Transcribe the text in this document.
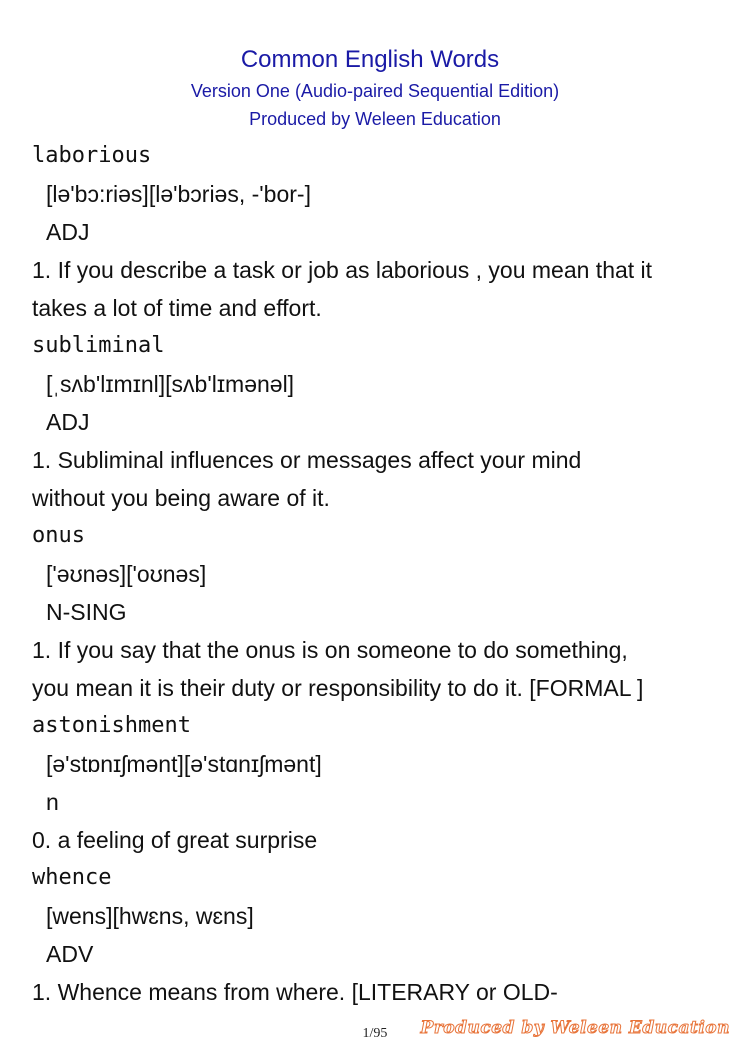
Common English Words
Version One (Audio-paired Sequential Edition)
Produced by Weleen Education
laborious
[lə'bɔ:riəs][lə'bɔriəs, -'bor-]
ADJ
1. If you describe a task or job as laborious , you mean that it
takes a lot of time and effort.
subliminal
[ˌsʌb'lɪmɪnl][sʌb'lɪmənəl]
ADJ
1. Subliminal influences or messages affect your mind
without you being aware of it.
onus
['əʊnəs]['oʊnəs]
N-SING
1. If you say that the onus is on someone to do something,
you mean it is their duty or responsibility to do it. [FORMAL ]
astonishment
[ə'stɒnɪʃmənt][ə'stɑnɪʃmənt]
n
0. a feeling of great surprise
whence
[wens][hwɛns, wɛns]
ADV
1. Whence means from where. [LITERARY or OLD-
1/95	Produced by Weleen Education
